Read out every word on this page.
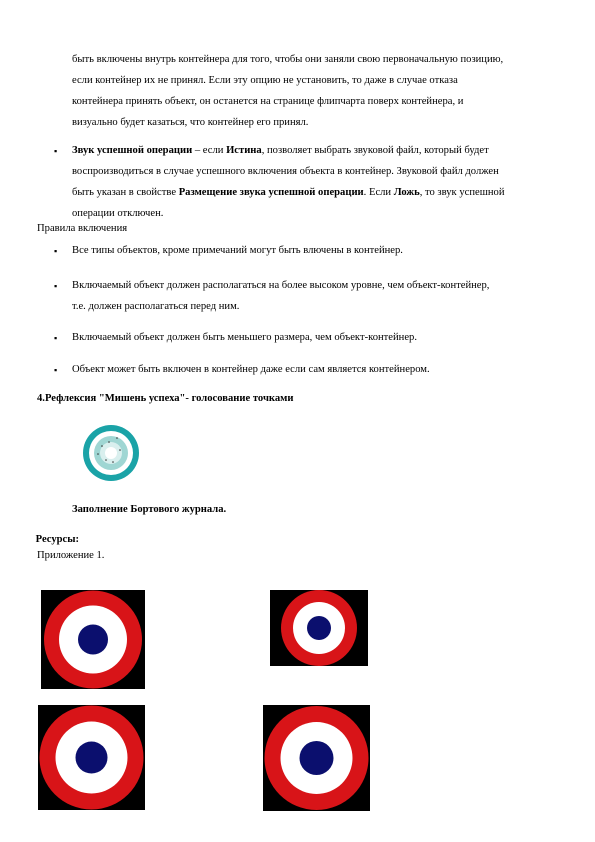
быть включены внутрь контейнера для того, чтобы они заняли свою первоначальную позицию,
если контейнер их не принял. Если эту опцию не установить, то даже в случае отказа
контейнера принять объект, он останется на странице флипчарта поверх контейнера, и
визуально будет казаться, что контейнер его принял.
▪ Звук успешной операции – если Истина, позволяет выбрать звуковой файл, который будет
воспроизводиться в случае успешного включения объекта в контейнер. Звуковой файл должен
быть указан в свойстве Размещение звука успешной операции. Если Ложь, то звук успешной
операции отключен.
Правила включения
▪ Все типы объектов, кроме примечаний могут быть влючены в контейнер.
▪ Включаемый объект должен располагаться на более высоком уровне, чем объект-контейнер,
т.е. должен располагаться перед ним.
▪ Включаемый объект должен быть меньшего размера, чем объект-контейнер.
▪ Объект может быть включен в контейнер даже если сам является контейнером.
4.Рефлексия "Мишень успеха"- голосование точками
Заполнение Бортового журнала.
Ресурсы:
Приложение 1.
